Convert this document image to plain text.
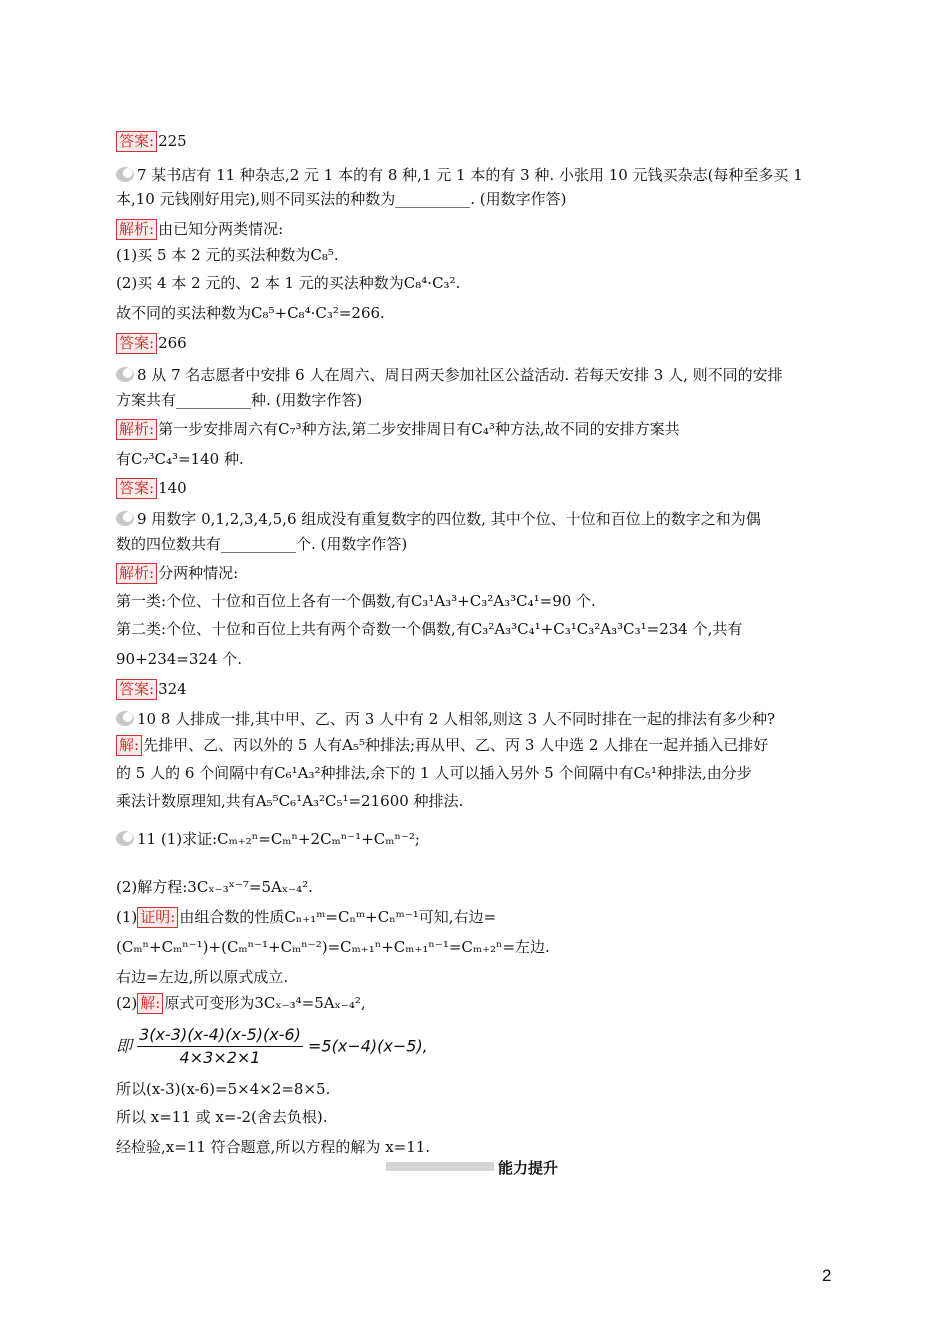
答案: 225
7 某书店有 11 种杂志,2 元 1 本的有 8 种,1 元 1 本的有 3 种. 小张用 10 元钱买杂志(每种至多买 1
本,10 元钱刚好用完),则不同买法的种数为__________. (用数字作答)
解析: 由已知分两类情况:
(1)买 5 本 2 元的买法种数为C₈⁵.
(2)买 4 本 2 元的、2 本 1 元的买法种数为C₈⁴·C₃².
故不同的买法种数为C₈⁵+C₈⁴·C₃²=266.
答案: 266
8 从 7 名志愿者中安排 6 人在周六、周日两天参加社区公益活动. 若每天安排 3 人, 则不同的安排
方案共有__________种. (用数字作答)
解析: 第一步安排周六有C₇³种方法,第二步安排周日有C₄³种方法,故不同的安排方案共
有C₇³C₄³=140 种.
答案: 140
9 用数字 0,1,2,3,4,5,6 组成没有重复数字的四位数, 其中个位、十位和百位上的数字之和为偶
数的四位数共有__________个. (用数字作答)
解析: 分两种情况:
第一类:个位、十位和百位上各有一个偶数,有C₃¹A₃³+C₃²A₃³C₄¹=90 个.
第二类:个位、十位和百位上共有两个奇数一个偶数,有C₃²A₃³C₄¹+C₃¹C₃²A₃³C₃¹=234 个,共有
90+234=324 个.
答案: 324
10 8 人排成一排,其中甲、乙、丙 3 人中有 2 人相邻,则这 3 人不同时排在一起的排法有多少种?
解: 先排甲、乙、丙以外的 5 人有A₅⁵种排法;再从甲、乙、丙 3 人中选 2 人排在一起并插入已排好
的 5 人的 6 个间隔中有C₆¹A₃²种排法,余下的 1 人可以插入另外 5 个间隔中有C₅¹种排法,由分步
乘法计数原理知,共有A₅⁵C₆¹A₃²C₅¹=21600 种排法.
11 (1)求证:Cₘ₊₂ⁿ=Cₘⁿ+2Cₘⁿ⁻¹+Cₘⁿ⁻²;
(2)解方程:3Cₓ₋₃ˣ⁻⁷=5Aₓ₋₄².
(1) 证明: 由组合数的性质Cₙ₊₁ᵐ=Cₙᵐ+Cₙᵐ⁻¹可知,右边=
(Cₘⁿ+Cₘⁿ⁻¹)+(Cₘⁿ⁻¹+Cₘⁿ⁻²)=Cₘ₊₁ⁿ+Cₘ₊₁ⁿ⁻¹=Cₘ₊₂ⁿ=左边.
右边=左边,所以原式成立.
(2) 解: 原式可变形为3Cₓ₋₃⁴=5Aₓ₋₄²,
即 $\frac{3(x-3)(x-4)(x-5)(x-6)}{4\times 3\times 2\times 1} =5(x-4)(x-5)$,
所以(x-3)(x-6)=5×4×2=8×5.
所以 x=11 或 x=-2(舍去负根).
经检验,x=11 符合题意,所以方程的解为 x=11.
能力提升
2
